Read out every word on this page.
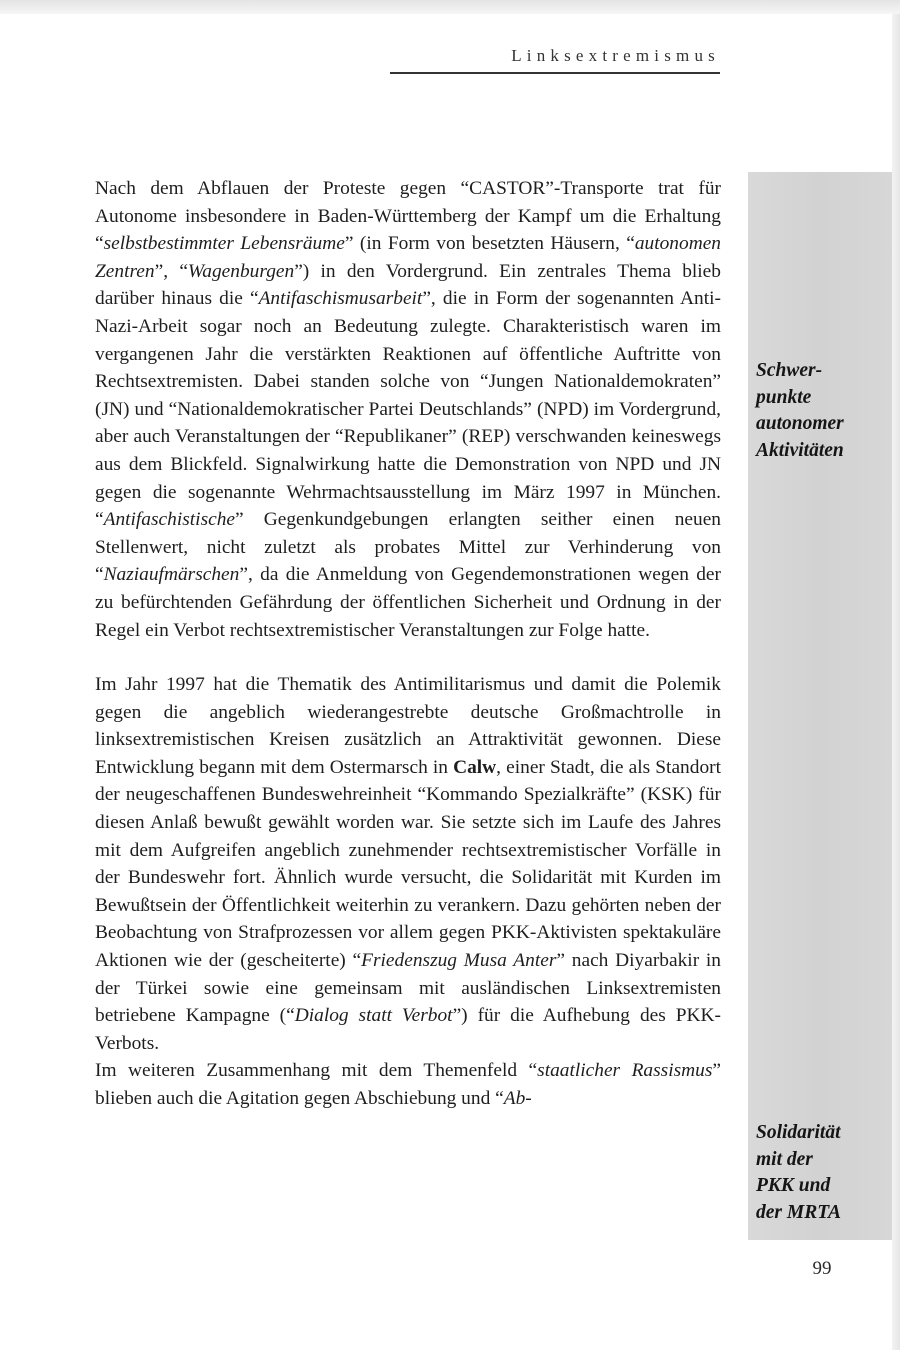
Linksextremismus

Nach dem Abflauen der Proteste gegen “CASTOR”-Transporte trat für Autonome insbesondere in Baden-Württemberg der Kampf um die Erhaltung “selbstbestimmter Lebensräume” (in Form von besetzten Häusern, “autonomen Zentren”, “Wagenburgen”) in den Vordergrund. Ein zentrales Thema blieb darüber hinaus die “Antifaschismusarbeit”, die in Form der sogenannten Anti-Nazi-Arbeit sogar noch an Bedeutung zulegte. Charakteristisch waren im vergangenen Jahr die verstärkten Reaktionen auf öffentliche Auftritte von Rechtsextremisten. Dabei standen solche von “Jungen Nationaldemokraten” (JN) und “Nationaldemokratischer Partei Deutschlands” (NPD) im Vordergrund, aber auch Veranstaltungen der “Republikaner” (REP) verschwanden keineswegs aus dem Blickfeld. Signalwirkung hatte die Demonstration von NPD und JN gegen die sogenannte Wehrmachtsausstellung im März 1997 in München. “Antifaschistische” Gegenkundgebungen erlangten seither einen neuen Stellenwert, nicht zuletzt als probates Mittel zur Verhinderung von “Naziaufmärschen”, da die Anmeldung von Gegendemonstrationen wegen der zu befürchtenden Gefährdung der öffentlichen Sicherheit und Ordnung in der Regel ein Verbot rechtsextremistischer Veranstaltungen zur Folge hatte.

Im Jahr 1997 hat die Thematik des Antimilitarismus und damit die Polemik gegen die angeblich wiederangestrebte deutsche Großmachtrolle in linksextremistischen Kreisen zusätzlich an Attraktivität gewonnen. Diese Entwicklung begann mit dem Ostermarsch in Calw, einer Stadt, die als Standort der neugeschaffenen Bundeswehreinheit “Kommando Spezialkräfte” (KSK) für diesen Anlaß bewußt gewählt worden war. Sie setzte sich im Laufe des Jahres mit dem Aufgreifen angeblich zunehmender rechtsextremistischer Vorfälle in der Bundeswehr fort. Ähnlich wurde versucht, die Solidarität mit Kurden im Bewußtsein der Öffentlichkeit weiterhin zu verankern. Dazu gehörten neben der Beobachtung von Strafprozessen vor allem gegen PKK-Aktivisten spektakuläre Aktionen wie der (gescheiterte) “Friedenszug Musa Anter” nach Diyarbakir in der Türkei sowie eine gemeinsam mit ausländischen Linksextremisten betriebene Kampagne (“Dialog statt Verbot”) für die Aufhebung des PKK-Verbots.

Im weiteren Zusammenhang mit dem Themenfeld “staatlicher Rassismus” blieben auch die Agitation gegen Abschiebung und “Ab-

Schwer-
punkte
autonomer
Aktivitäten
Solidarität
mit der
PKK und
der MRTA
99
